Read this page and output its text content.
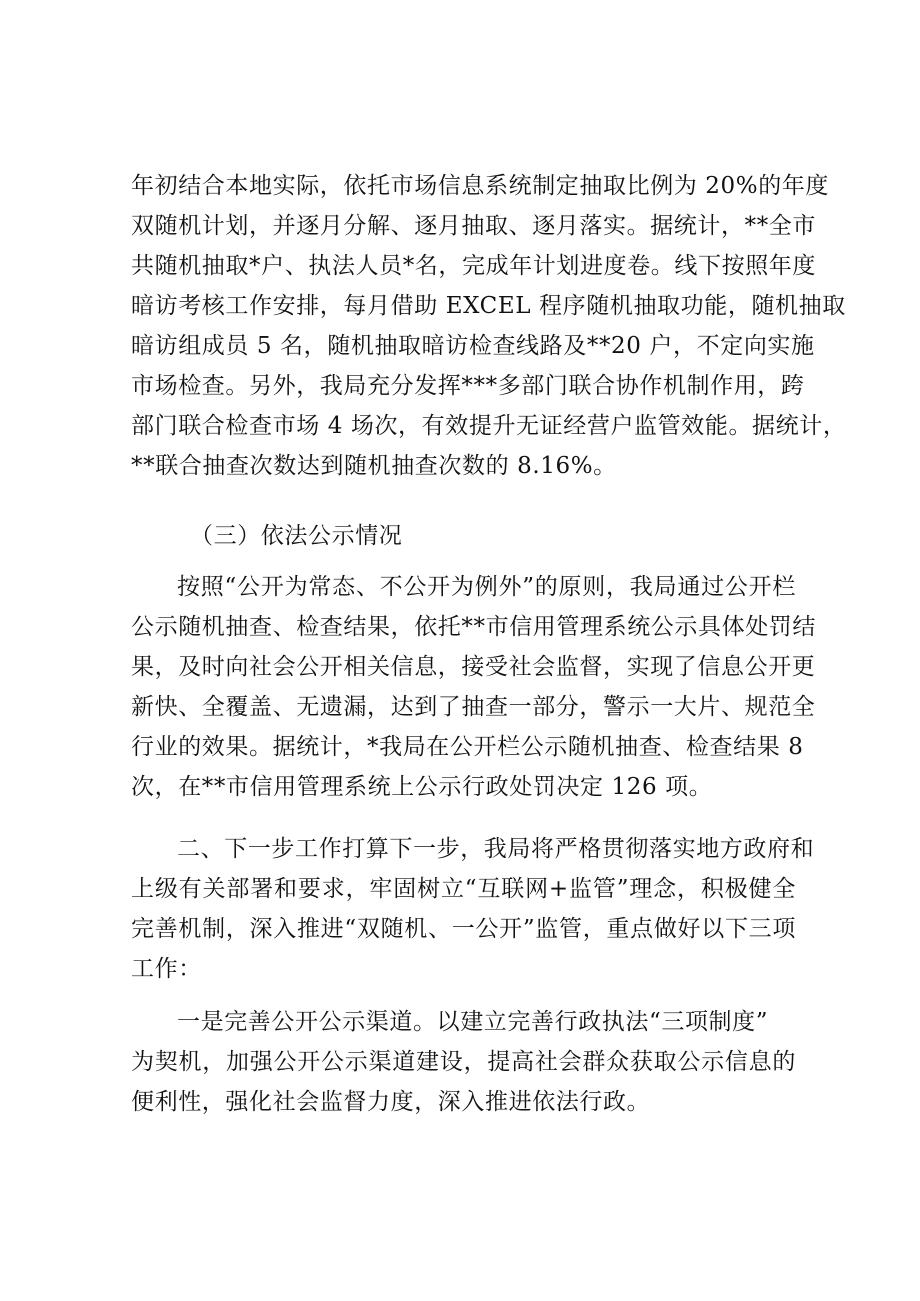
年初结合本地实际，依托市场信息系统制定抽取比例为 20%的年度
双随机计划，并逐月分解、逐月抽取、逐月落实。据统计，**全市
共随机抽取*户、执法人员*名，完成年计划进度卷。线下按照年度
暗访考核工作安排，每月借助 EXCEL 程序随机抽取功能，随机抽取
暗访组成员 5 名，随机抽取暗访检查线路及**20 户，不定向实施
市场检查。另外，我局充分发挥***多部门联合协作机制作用，跨
部门联合检查市场 4 场次，有效提升无证经营户监管效能。据统计，
**联合抽查次数达到随机抽查次数的 8.16%。
（三）依法公示情况
按照“公开为常态、不公开为例外”的原则，我局通过公开栏
公示随机抽查、检查结果，依托**市信用管理系统公示具体处罚结
果，及时向社会公开相关信息，接受社会监督，实现了信息公开更
新快、全覆盖、无遗漏，达到了抽查一部分，警示一大片、规范全
行业的效果。据统计，*我局在公开栏公示随机抽查、检查结果 8
次，在**市信用管理系统上公示行政处罚决定 126 项。
二、下一步工作打算下一步，我局将严格贯彻落实地方政府和
上级有关部署和要求，牢固树立“互联网+监管”理念，积极健全
完善机制，深入推进“双随机、一公开”监管，重点做好以下三项
工作：
一是完善公开公示渠道。以建立完善行政执法“三项制度”
为契机，加强公开公示渠道建设，提高社会群众获取公示信息的
便利性，强化社会监督力度，深入推进依法行政。
